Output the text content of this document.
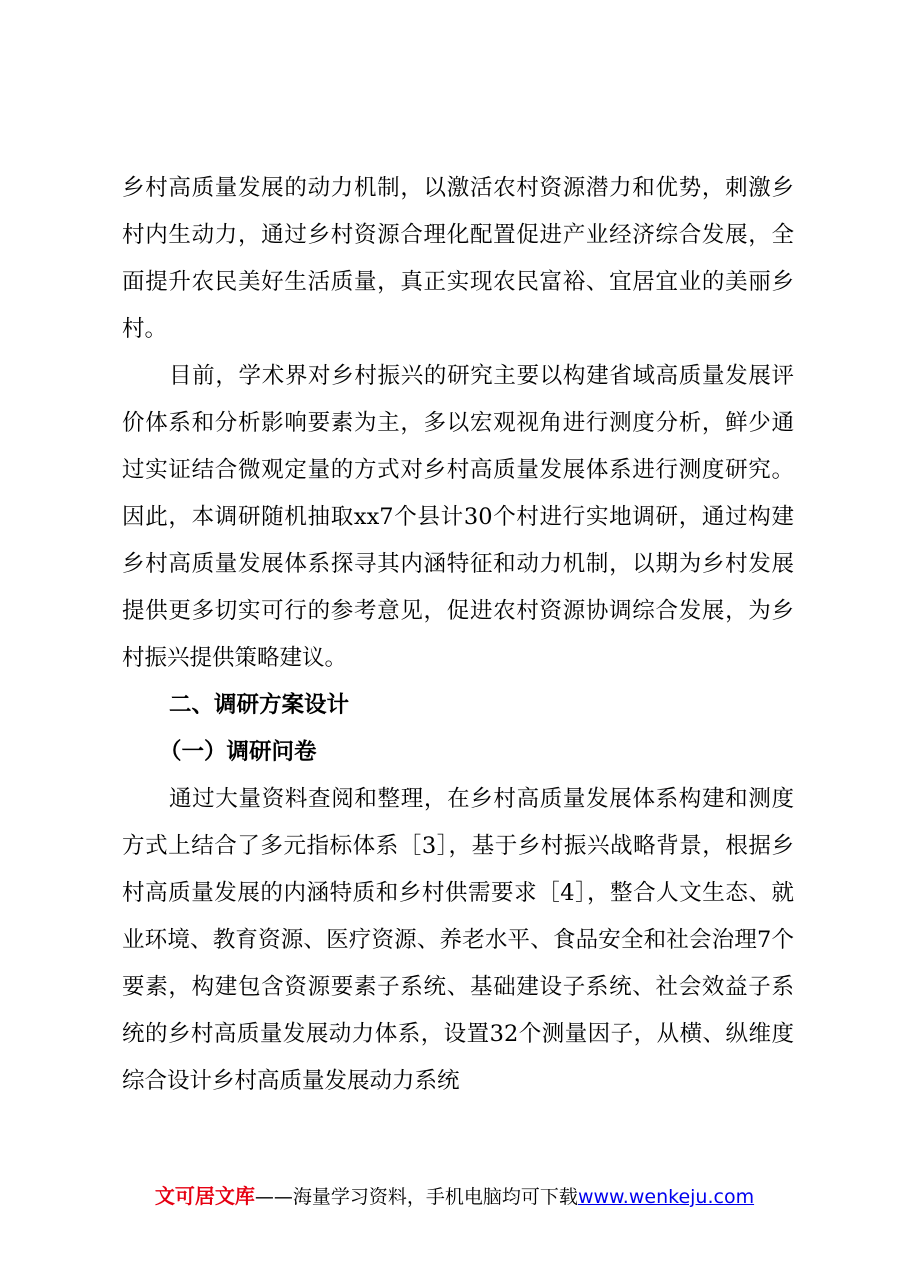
乡村高质量发展的动力机制，以激活农村资源潜力和优势，刺激乡村内生动力，通过乡村资源合理化配置促进产业经济综合发展，全面提升农民美好生活质量，真正实现农民富裕、宜居宜业的美丽乡村。

目前，学术界对乡村振兴的研究主要以构建省域高质量发展评价体系和分析影响要素为主，多以宏观视角进行测度分析，鲜少通过实证结合微观定量的方式对乡村高质量发展体系进行测度研究。因此，本调研随机抽取xx7个县计30个村进行实地调研，通过构建乡村高质量发展体系探寻其内涵特征和动力机制，以期为乡村发展提供更多切实可行的参考意见，促进农村资源协调综合发展，为乡村振兴提供策略建议。

二、调研方案设计

（一）调研问卷

通过大量资料查阅和整理，在乡村高质量发展体系构建和测度方式上结合了多元指标体系［3］，基于乡村振兴战略背景，根据乡村高质量发展的内涵特质和乡村供需要求［4］，整合人文生态、就业环境、教育资源、医疗资源、养老水平、食品安全和社会治理7个要素，构建包含资源要素子系统、基础建设子系统、社会效益子系统的乡村高质量发展动力体系，设置32个测量因子，从横、纵维度综合设计乡村高质量发展动力系统

文可居文库——海量学习资料，手机电脑均可下载www.wenkeju.com
